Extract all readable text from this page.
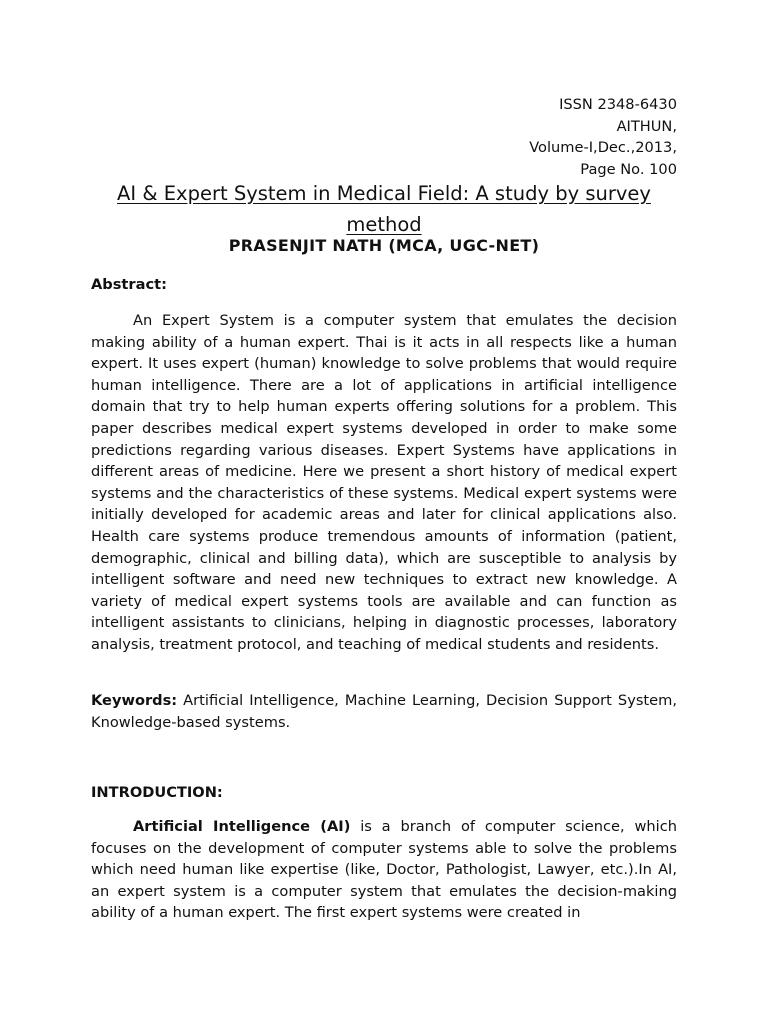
ISSN 2348-6430
AITHUN,
Volume-I,Dec.,2013,
Page No. 100
AI & Expert System in Medical Field: A study by survey method
PRASENJIT NATH (MCA, UGC-NET)
Abstract:
An Expert System is a computer system that emulates the decision making ability of a human expert. Thai is it acts in all respects like a human expert. It uses expert (human) knowledge to solve problems that would require human intelligence. There are a lot of applications in artificial intelligence domain that try to help human experts offering solutions for a problem. This paper describes medical expert systems developed in order to make some predictions regarding various diseases. Expert Systems have applications in different areas of medicine. Here we present a short history of medical expert systems and the characteristics of these systems. Medical expert systems were initially developed for academic areas and later for clinical applications also. Health care systems produce tremendous amounts of information (patient, demographic, clinical and billing data), which are susceptible to analysis by intelligent software and need new techniques to extract new knowledge. A variety of medical expert systems tools are available and can function as intelligent assistants to clinicians, helping in diagnostic processes, laboratory analysis, treatment protocol, and teaching of medical students and residents.
Keywords: Artificial Intelligence, Machine Learning, Decision Support System, Knowledge-based systems.
INTRODUCTION:
Artificial Intelligence (AI) is a branch of computer science, which focuses on the development of computer systems able to solve the problems which need human like expertise (like, Doctor, Pathologist, Lawyer, etc.).In AI, an expert system is a computer system that emulates the decision-making ability of a human expert. The first expert systems were created in
